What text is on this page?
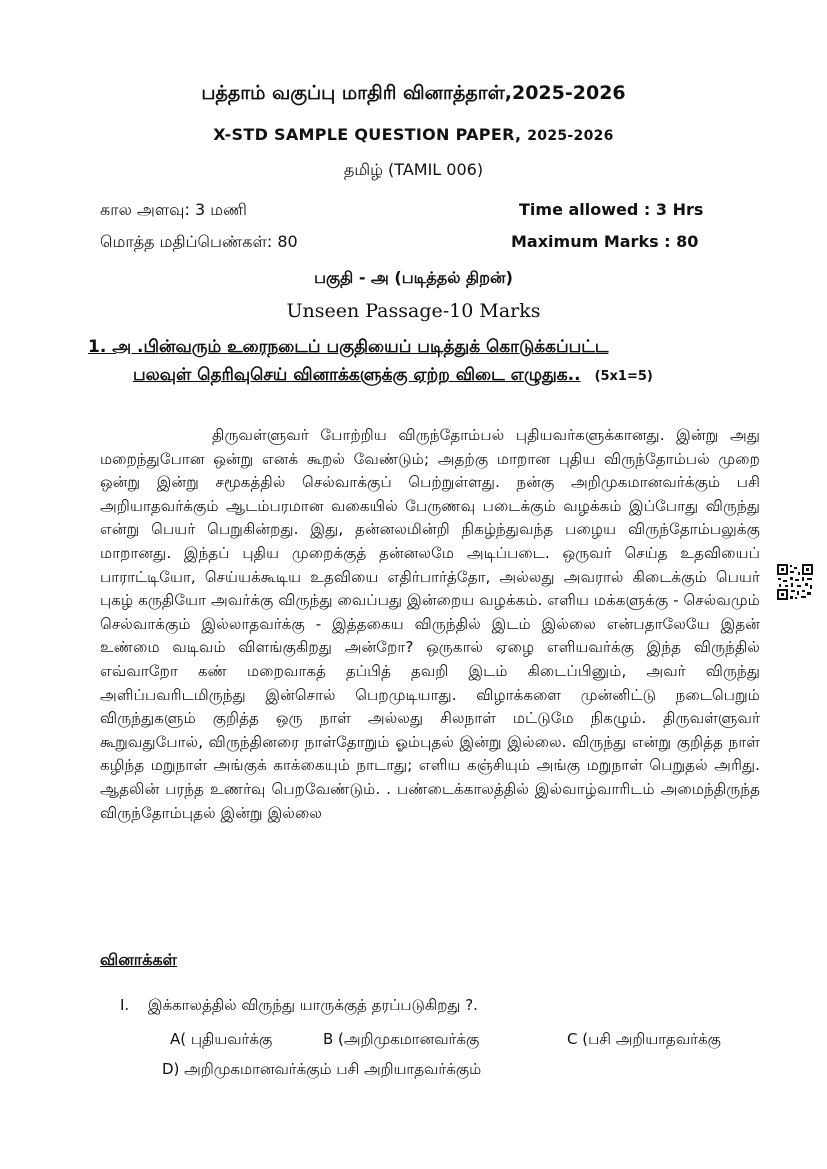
பத்தாம் வகுப்பு மாதிரி வினாத்தாள்,2025-2026
X-STD SAMPLE QUESTION PAPER, 2025-2026
தமிழ் (TAMIL 006)
கால அளவு: 3 மணி	Time allowed : 3 Hrs
மொத்த மதிப்பெண்கள்: 80	Maximum Marks : 80
பகுதி - அ (படித்தல் திறன்)
Unseen Passage-10 Marks
1. அ .பின்வரும் உரைநடைப் பகுதியைப் படித்துக் கொடுக்கப்பட்ட
பலவுள் தெரிவுசெய் வினாக்களுக்கு ஏற்ற விடை எழுதுக.. (5x1=5)
திருவள்ளுவர் போற்றிய விருந்தோம்பல் புதியவர்களுக்கானது. இன்று அது மறைந்துபோன ஒன்று எனக் கூறல் வேண்டும்; அதற்கு மாறான புதிய விருந்தோம்பல் முறை ஒன்று இன்று சமூகத்தில் செல்வாக்குப் பெற்றுள்ளது. நன்கு அறிமுகமானவர்க்கும் பசி அறியாதவர்க்கும் ஆடம்பரமான வகையில் பேருணவு படைக்கும் வழக்கம் இப்போது விருந்து என்று பெயர் பெறுகின்றது. இது, தன்னலமின்றி நிகழ்ந்துவந்த பழைய விருந்தோம்பலுக்கு மாறானது. இந்தப் புதிய முறைக்குத் தன்னலமே அடிப்படை. ஒருவர் செய்த உதவியைப் பாராட்டியோ, செய்யக்கூடிய உதவியை எதிர்பார்த்தோ, அல்லது அவரால் கிடைக்கும் பெயர் புகழ் கருதியோ அவர்க்கு விருந்து வைப்பது இன்றைய வழக்கம். எளிய மக்களுக்கு - செல்வமும் செல்வாக்கும் இல்லாதவர்க்கு - இத்தகைய விருந்தில் இடம் இல்லை என்பதாலேயே இதன் உண்மை வடிவம் விளங்குகிறது அன்றோ? ஒருகால் ஏழை எளியவர்க்கு இந்த விருந்தில் எவ்வாறோ கண் மறைவாகத் தப்பித் தவறி இடம் கிடைப்பினும், அவர் விருந்து அளிப்பவரிடமிருந்து இன்சொல் பெறமுடியாது. விழாக்களை முன்னிட்டு நடைபெறும் விருந்துகளும் குறித்த ஒரு நாள் அல்லது சிலநாள் மட்டுமே நிகழும். திருவள்ளுவர் கூறுவதுபோல், விருந்தினரை நாள்தோறும் ஓம்புதல் இன்று இல்லை. விருந்து என்று குறித்த நாள் கழிந்த மறுநாள் அங்குக் காக்கையும் நாடாது; எளிய கஞ்சியும் அங்கு மறுநாள் பெறுதல் அரிது. ஆதலின் பரந்த உணர்வு பெறவேண்டும். . பண்டைக்காலத்தில் இல்வாழ்வாரிடம் அமைந்திருந்த விருந்தோம்புதல் இன்று இல்லை
வினாக்கள்
I. இக்காலத்தில் விருந்து யாருக்குத் தரப்படுகிறது ?.
A( புதியவர்க்கு	B (அறிமுகமானவர்க்கு	C (பசி அறியாதவர்க்கு
D) அறிமுகமானவர்க்கும் பசி அறியாதவர்க்கும்
